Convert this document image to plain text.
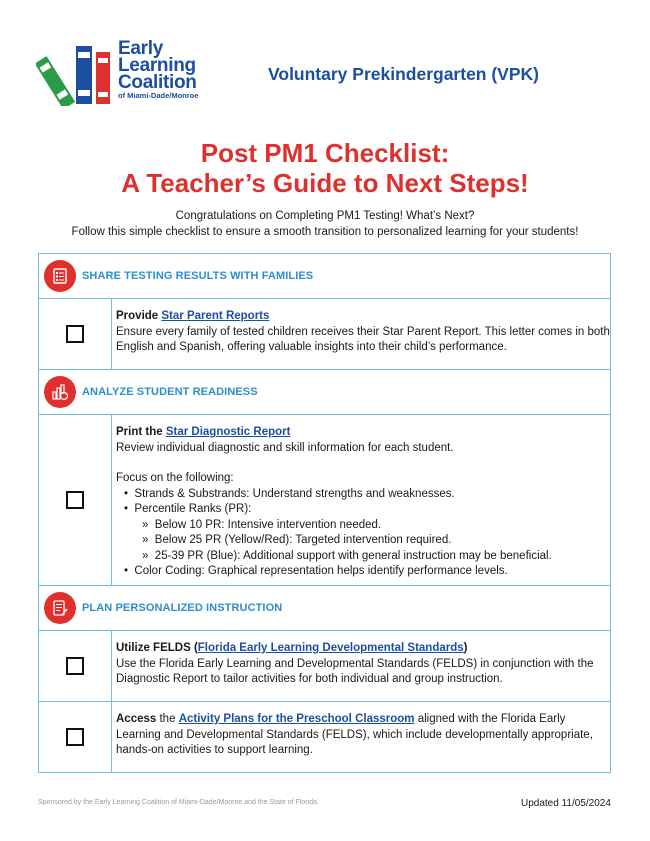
Early
Learning
Coalition
of Miami-Dade/Monroe
Voluntary Prekindergarten (VPK)
Post PM1 Checklist:
A Teacher’s Guide to Next Steps!
Congratulations on Completing PM1 Testing! What’s Next?
Follow this simple checklist to ensure a smooth transition to personalized learning for your students!
SHARE TESTING RESULTS WITH FAMILIES
Provide Star Parent Reports
Ensure every family of tested children receives their Star Parent Report. This letter comes in both English and Spanish, offering valuable insights into their child’s performance.
ANALYZE STUDENT READINESS
Print the Star Diagnostic Report
Review individual diagnostic and skill information for each student.
Focus on the following:
•  Strands & Substrands: Understand strengths and weaknesses.
•  Percentile Ranks (PR):
»  Below 10 PR: Intensive intervention needed.
»  Below 25 PR (Yellow/Red): Targeted intervention required.
»  25-39 PR (Blue): Additional support with general instruction may be beneficial.
•  Color Coding: Graphical representation helps identify performance levels.
PLAN PERSONALIZED INSTRUCTION
Utilize FELDS (Florida Early Learning Developmental Standards)
Use the Florida Early Learning and Developmental Standards (FELDS) in conjunction with the Diagnostic Report to tailor activities for both individual and group instruction.
Access the Activity Plans for the Preschool Classroom aligned with the Florida Early Learning and Developmental Standards (FELDS), which include developmentally appropriate, hands-on activities to support learning.
Sponsored by the Early Learning Coalition of Miami-Dade/Monroe and the State of Florida.	Updated 11/05/2024
